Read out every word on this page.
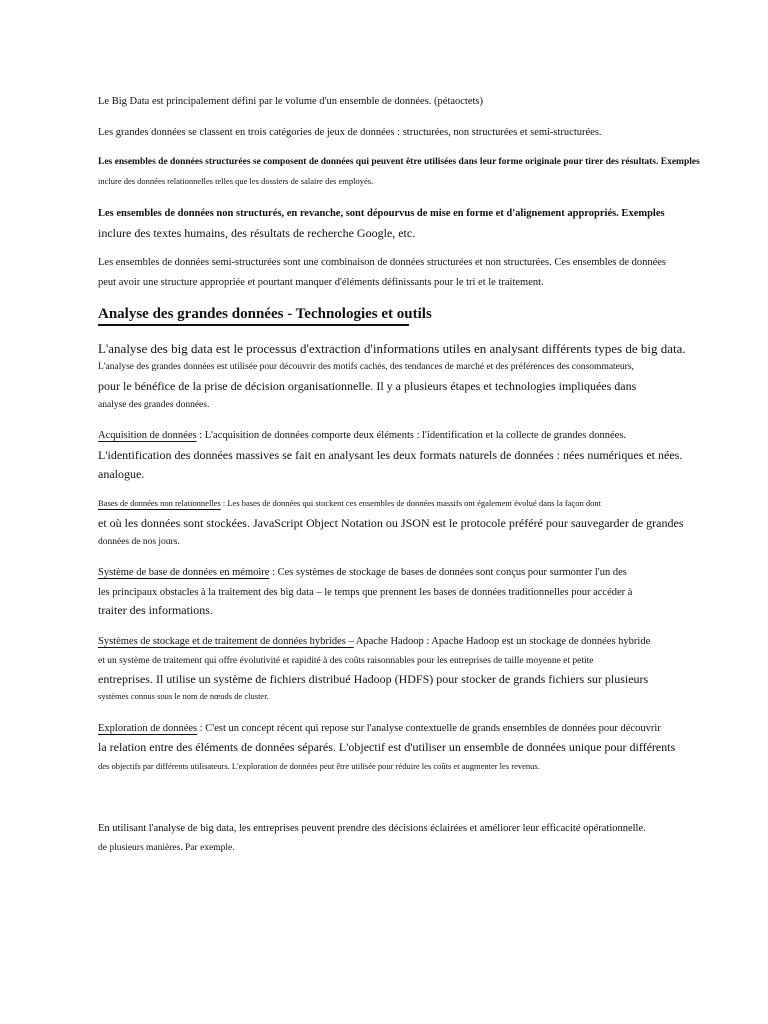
Le Big Data est principalement défini par le volume d'un ensemble de données. (pétaoctets)
Les grandes données se classent en trois catégories de jeux de données : structurées, non structurées et semi-structurées.
Les ensembles de données structurées se composent de données qui peuvent être utilisées dans leur forme originale pour tirer des résultats. Exemples
inclure des données relationnelles telles que les dossiers de salaire des employés.
Les ensembles de données non structurés, en revanche, sont dépourvus de mise en forme et d'alignement appropriés. Exemples
inclure des textes humains, des résultats de recherche Google, etc.
Les ensembles de données semi-structurées sont une combinaison de données structurées et non structurées. Ces ensembles de données
peut avoir une structure appropriée et pourtant manquer d'éléments définissants pour le tri et le traitement.
Analyse des grandes données - Technologies et outils
L'analyse des big data est le processus d'extraction d'informations utiles en analysant différents types de big data.
L'analyse des grandes données est utilisée pour découvrir des motifs cachés, des tendances de marché et des préférences des consommateurs,
pour le bénéfice de la prise de décision organisationnelle. Il y a plusieurs étapes et technologies impliquées dans
analyse des grandes données.
Acquisition de données : L'acquisition de données comporte deux éléments : l'identification et la collecte de grandes données.
L'identification des données massives se fait en analysant les deux formats naturels de données : nées numériques et nées.
analogue.
Bases de données non relationnelles : Les bases de données qui stockent ces ensembles de données massifs ont également évolué dans la façon dont
et où les données sont stockées. JavaScript Object Notation ou JSON est le protocole préféré pour sauvegarder de grandes
données de nos jours.
Système de base de données en mémoire : Ces systèmes de stockage de bases de données sont conçus pour surmonter l'un des
les principaux obstacles à la traitement des big data – le temps que prennent les bases de données traditionnelles pour accéder à
traiter des informations.
Systèmes de stockage et de traitement de données hybrides – Apache Hadoop : Apache Hadoop est un stockage de données hybride
et un système de traitement qui offre évolutivité et rapidité à des coûts raisonnables pour les entreprises de taille moyenne et petite
entreprises. Il utilise un système de fichiers distribué Hadoop (HDFS) pour stocker de grands fichiers sur plusieurs
systèmes connus sous le nom de nœuds de cluster.
Exploration de données : C'est un concept récent qui repose sur l'analyse contextuelle de grands ensembles de données pour découvrir
la relation entre des éléments de données séparés. L'objectif est d'utiliser un ensemble de données unique pour différents
des objectifs par différents utilisateurs. L'exploration de données peut être utilisée pour réduire les coûts et augmenter les revenus.
En utilisant l'analyse de big data, les entreprises peuvent prendre des décisions éclairées et améliorer leur efficacité opérationnelle.
de plusieurs manières. Par exemple.
